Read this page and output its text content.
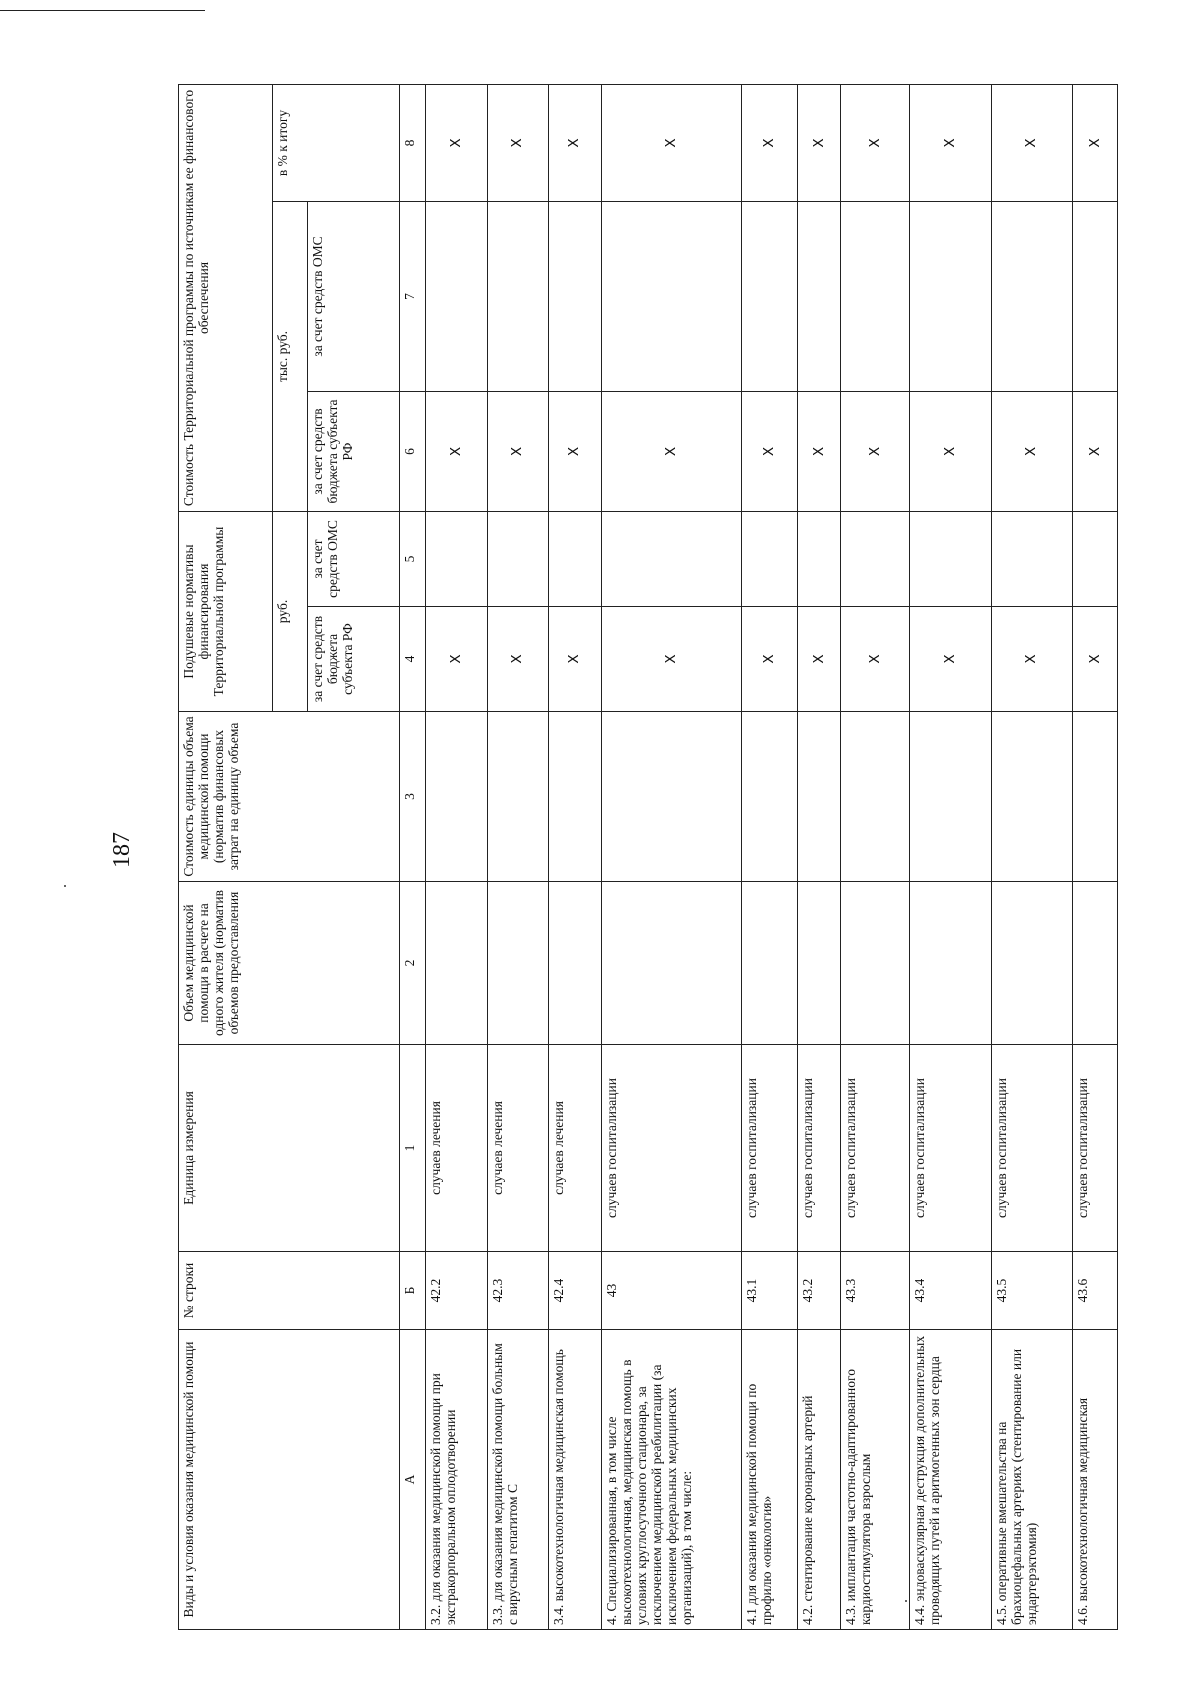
187
Виды и условия оказания медицинской помощи	№ строки	Единица измерения	Объем медицинской помощи в расчете на одного жителя (норматив объемов предоставления	Стоимость единицы объема медицинской помощи (норматив финансовых затрат на единицу объема	Подушевые нормативы финансирования Территориальной программы		Стоимость Территориальной программы по источникам ее финансового обеспечения		
					руб.		тыс. руб.		в % к итогу
					за счет средств бюджета субъекта РФ	за счет средств ОМС	за счет средств бюджета субъекта РФ	за счет средств ОМС	
А	Б	1	2	3	4	5	6	7	8
3.2. для оказания медицинской помощи при экстракорпоральном оплодотворении	42.2	случаев лечения			Х		Х		Х
3.3. для оказания медицинской помощи больным с вирусным гепатитом С	42.3	случаев лечения			Х		Х		Х
3.4. высокотехнологичная медицинская помощь	42.4	случаев лечения			Х		Х		Х
4. Специализированная, в том числе высокотехнологичная, медицинская помощь в условиях круглосуточного стационара, за исключением медицинской реабилитации (за исключением федеральных медицинских организаций), в том числе:	43	случаев госпитализации			Х		Х		Х
4.1 для оказания медицинской помощи по профилю «онкология»	43.1	случаев госпитализации			Х		Х		Х
4.2. стентирование коронарных артерий	43.2	случаев госпитализации			Х		Х		Х
4.3. имплантация частотно-адаптированного кардиостимулятора взрослым	43.3	случаев госпитализации			Х		Х		Х
4.4. эндоваскулярная деструкция дополнительных проводящих путей и аритмогенных зон сердца	43.4	случаев госпитализации			Х		Х		Х
4.5. оперативные вмешательства на брахиоцефальных артериях (стентирование или эндартерэктомия)	43.5	случаев госпитализации			Х		Х		Х
4.6. высокотехнологичная медицинская	43.6	случаев госпитализации			Х		Х		Х
